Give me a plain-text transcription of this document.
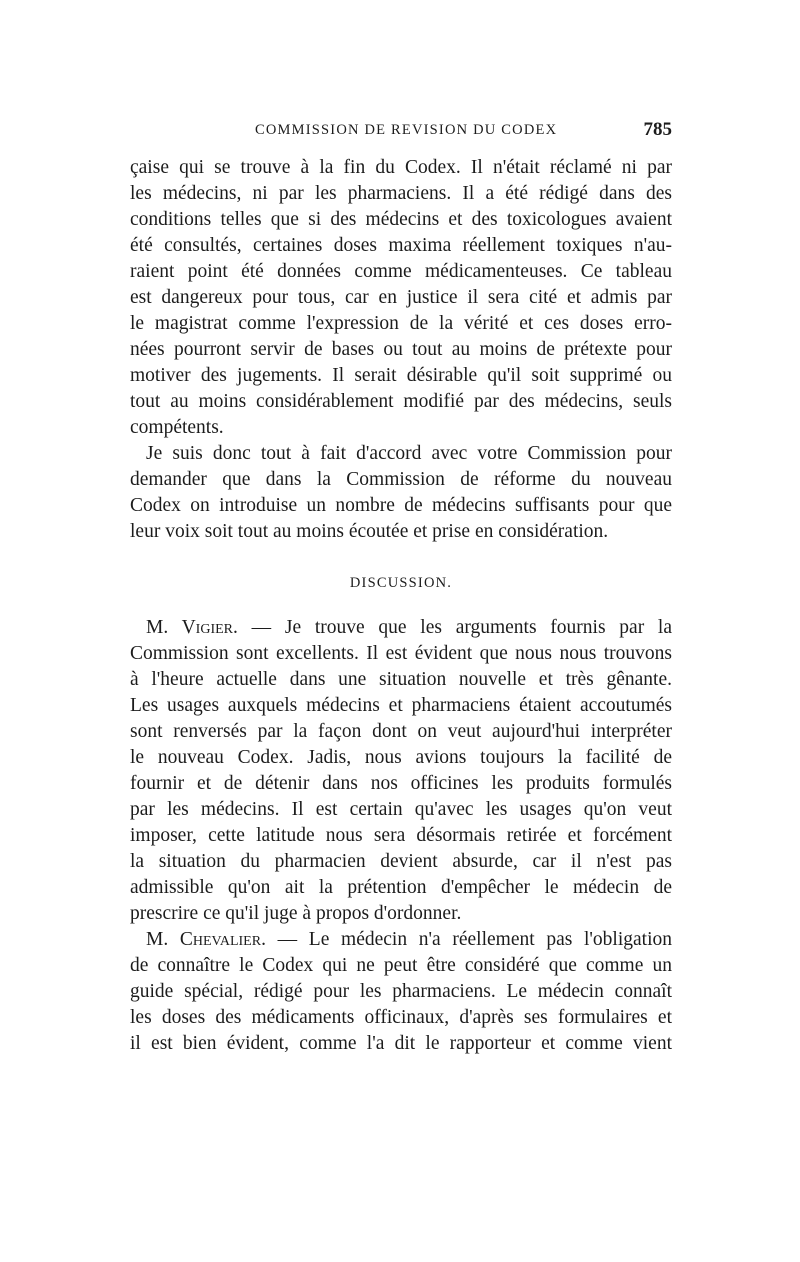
COMMISSION DE REVISION DU CODEX	785
çaise qui se trouve à la fin du Codex. Il n'était réclamé ni par
les médecins, ni par les pharmaciens. Il a été rédigé dans des
conditions telles que si des médecins et des toxicologues avaient
été consultés, certaines doses maxima réellement toxiques n'au-
raient point été données comme médicamenteuses. Ce tableau
est dangereux pour tous, car en justice il sera cité et admis par
le magistrat comme l'expression de la vérité et ces doses erro-
nées pourront servir de bases ou tout au moins de prétexte pour
motiver des jugements. Il serait désirable qu'il soit supprimé ou
tout au moins considérablement modifié par des médecins, seuls
compétents.
Je suis donc tout à fait d'accord avec votre Commission pour
demander que dans la Commission de réforme du nouveau
Codex on introduise un nombre de médecins suffisants pour que
leur voix soit tout au moins écoutée et prise en considération.
DISCUSSION.
M. Vigier. — Je trouve que les arguments fournis par la
Commission sont excellents. Il est évident que nous nous trouvons
à l'heure actuelle dans une situation nouvelle et très gênante.
Les usages auxquels médecins et pharmaciens étaient accoutumés
sont renversés par la façon dont on veut aujourd'hui interpréter
le nouveau Codex. Jadis, nous avions toujours la facilité de
fournir et de détenir dans nos officines les produits formulés
par les médecins. Il est certain qu'avec les usages qu'on veut
imposer, cette latitude nous sera désormais retirée et forcément
la situation du pharmacien devient absurde, car il n'est pas
admissible qu'on ait la prétention d'empêcher le médecin de
prescrire ce qu'il juge à propos d'ordonner.
M. Chevalier. — Le médecin n'a réellement pas l'obligation
de connaître le Codex qui ne peut être considéré que comme un
guide spécial, rédigé pour les pharmaciens. Le médecin connaît
les doses des médicaments officinaux, d'après ses formulaires et
il est bien évident, comme l'a dit le rapporteur et comme vient
